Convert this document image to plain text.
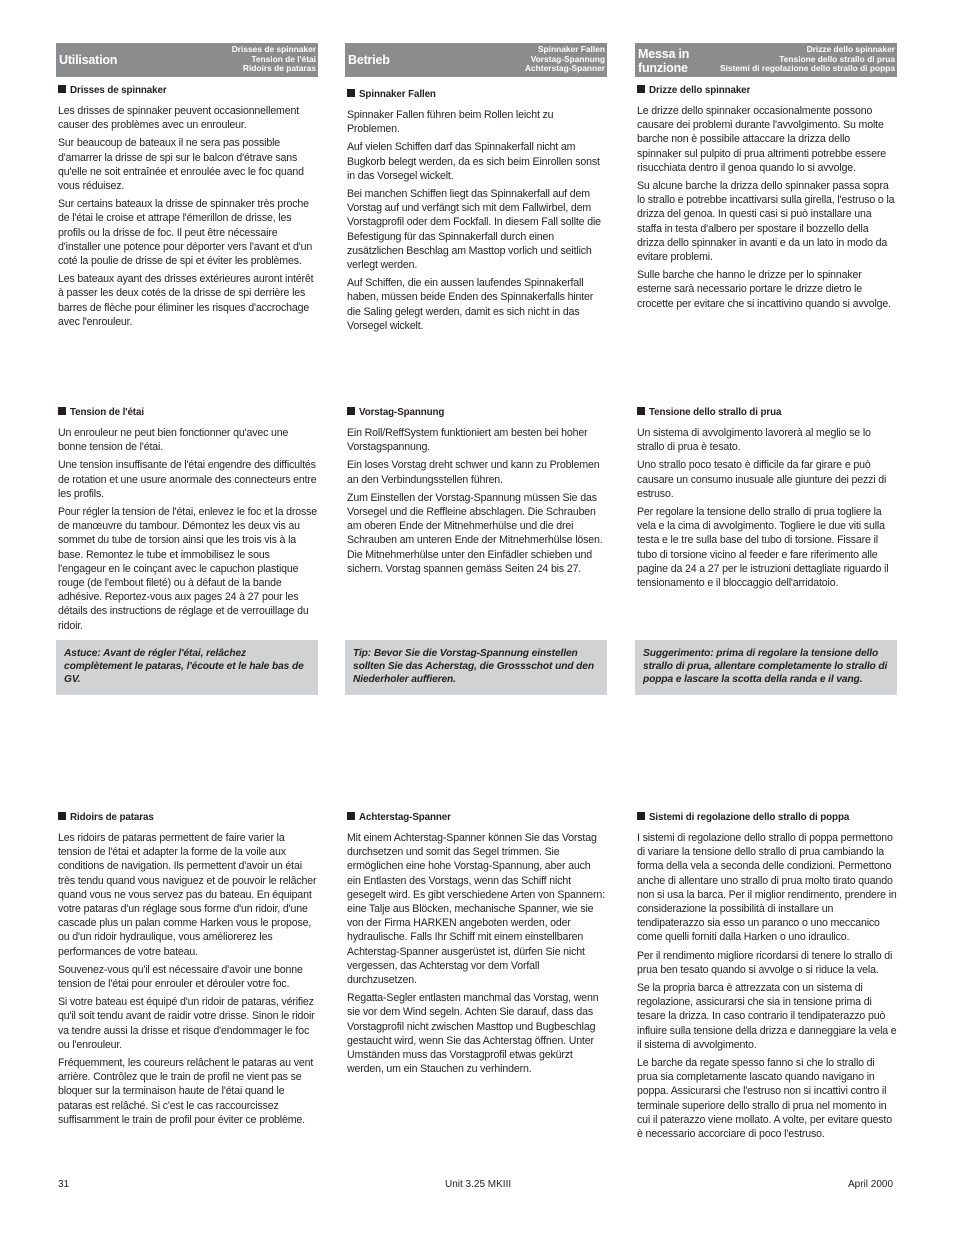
Utilisation
Drisses de spinnaker
Tension de l'étai
Ridoirs de pataras
Drisses de spinnaker

Les drisses de spinnaker peuvent occasionnellement causer des problèmes avec un enrouleur.

Sur beaucoup de bateaux il ne sera pas possible d'amarrer la drisse de spi sur le balcon d'étrave sans qu'elle ne soit entraînée et enroulée avec le foc quand vous réduisez.

Sur certains bateaux la drisse de spinnaker très proche de l'étai le croise et attrape l'émerillon de drisse, les profils ou la drisse de foc. Il peut être nécessaire d'installer une potence pour déporter vers l'avant et d'un coté la poulie de drisse de spi et éviter les problèmes.

Les bateaux ayant des drisses extérieures auront intérêt à passer les deux cotés de la drisse de spi derrière les barres de flèche pour éliminer les risques d'accrochage avec l'enrouleur.

Tension de l'étai

Un enrouleur ne peut bien fonctionner qu'avec une bonne tension de l'étai.

Une tension insuffisante de l'étai engendre des difficultés de rotation et une usure anormale des connecteurs entre les profils.

Pour régler la tension de l'étai, enlevez le foc et la drosse de manœuvre du tambour. Démontez les deux vis au sommet du tube de torsion ainsi que les trois vis à la base. Remontez le tube et immobilisez le sous l'engageur en le coinçant avec le capuchon plastique rouge (de l'embout fileté) ou à défaut de la bande adhésive. Reportez-vous aux pages 24 à 27 pour les détails des instructions de réglage et de verrouillage du ridoir.

Astuce: Avant de régler l'étai, relâchez complètement le pataras, l'écoute et le hale bas de GV.
Ridoirs de pataras

Les ridoirs de pataras permettent de faire varier la tension de l'étai et adapter la forme de la voile aux conditions de navigation. Ils permettent d'avoir un étai très tendu quand vous naviguez et de pouvoir le relâcher quand vous ne vous servez pas du bateau. En équipant votre pataras d'un réglage sous forme d'un ridoir, d'une cascade plus un palan comme Harken vous le propose, ou d'un ridoir hydraulique, vous améliorerez les performances de votre bateau.

Souvenez-vous qu'il est nécessaire d'avoir une bonne tension de l'étai pour enrouler et dérouler votre foc.

Si votre bateau est équipé d'un ridoir de pataras, vérifiez qu'il soit tendu avant de raidir votre drisse. Sinon le ridoir va tendre aussi la drisse et risque d'endommager le foc ou l'enrouleur.

Fréquemment, les coureurs relâchent le pataras au vent arrière. Contrôlez que le train de profil ne vient pas se bloquer sur la terminaison haute de l'étai quand le pataras est relâché. Si c'est le cas raccourcissez suffisamment le train de profil pour éviter ce problème.

Betrieb
Spinnaker Fallen
Vorstag-Spannung
Achterstag-Spanner
Spinnaker Fallen

Spinnaker Fallen führen beim Rollen leicht zu Problemen.

Auf vielen Schiffen darf das Spinnakerfall nicht am Bugkorb belegt werden, da es sich beim Einrollen sonst in das Vorsegel wickelt.

Bei manchen Schiffen liegt das Spinnakerfall auf dem Vorstag auf und verfängt sich mit dem Fallwirbel, dem Vorstagprofil oder dem Fockfall. In diesem Fall sollte die Befestigung für das Spinnakerfall durch einen zusätzlichen Beschlag am Masttop vorlich und seitlich verlegt werden.

Auf Schiffen, die ein aussen laufendes Spinnakerfall haben, müssen beide Enden des Spinnakerfalls hinter die Saling gelegt werden, damit es sich nicht in das Vorsegel wickelt.

Vorstag-Spannung

Ein Roll/ReffSystem funktioniert am besten bei hoher Vorstagspannung.

Ein loses Vorstag dreht schwer und kann zu Problemen an den Verbindungsstellen führen.

Zum Einstellen der Vorstag-Spannung müssen Sie das Vorsegel und die Reffleine abschlagen. Die Schrauben am oberen Ende der Mitnehmerhülse und die drei Schrauben am unteren Ende der Mitnehmerhülse lösen. Die Mitnehmerhülse unter den Einfädler schieben und sichern. Vorstag spannen gemäss Seiten 24 bis 27.

Tip: Bevor Sie die Vorstag-Spannung einstellen sollten Sie das Acherstag, die Grossschot und den Niederholer auffieren.
Achterstag-Spanner

Mit einem Achterstag-Spanner können Sie das Vorstag durchsetzen und somit das Segel trimmen. Sie ermöglichen eine hohe Vorstag-Spannung, aber auch ein Entlasten des Vorstags, wenn das Schiff nicht gesegelt wird. Es gibt verschiedene Arten von Spannern: eine Talje aus Blöcken, mechanische Spanner, wie sie von der Firma HARKEN angeboten werden, oder hydraulische. Falls Ihr Schiff mit einem einstellbaren Achterstag-Spanner ausgerüstet ist, dürfen Sie nicht vergessen, das Achterstag vor dem Vorfall durchzusetzen.

Regatta-Segler entlasten manchmal das Vorstag, wenn sie vor dem Wind segeln. Achten Sie darauf, dass das Vorstagprofil nicht zwischen Masttop und Bugbeschlag gestaucht wird, wenn Sie das Achterstag öffnen. Unter Umständen muss das Vorstagprofil etwas gekürzt werden, um ein Stauchen zu verhindern.

Messa in funzione
Drizze dello spinnaker
Tensione dello strallo di prua
Sistemi di regolazione dello strallo di poppa
Drizze dello spinnaker

Le drizze dello spinnaker occasionalmente possono causare dei problemi durante l'avvolgimento. Su molte barche non è possibile attaccare la drizza dello spinnaker sul pulpito di prua altrimenti potrebbe essere risucchiata dentro il genoa quando lo si avvolge.

Su alcune barche la drizza dello spinnaker passa sopra lo strallo e potrebbe incattivarsi sulla girella, l'estruso o la drizza del genoa. In questi casi si può installare una staffa in testa d'albero per spostare il bozzello della drizza dello spinnaker in avanti e da un lato in modo da evitare problemi.

Sulle barche che hanno le drizze per lo spinnaker esterne sarà necessario portare le drizze dietro le crocette per evitare che si incattivino quando si avvolge.

Tensione dello strallo di prua

Un sistema di avvolgimento lavorerà al meglio se lo strallo di prua è tesato.

Uno strallo poco tesato è difficile da far girare e può causare un consumo inusuale alle giunture dei pezzi di estruso.

Per regolare la tensione dello strallo di prua togliere la vela e la cima di avvolgimento. Togliere le due viti sulla testa e le tre sulla base del tubo di torsione. Fissare il tubo di torsione vicino al feeder e fare riferimento alle pagine da 24 a 27 per le istruzioni dettagliate riguardo il tensionamento e il bloccaggio dell'arridatoio.

Suggerimento: prima di regolare la tensione dello strallo di prua, allentare completamente lo strallo di poppa e lascare la scotta della randa e il vang.
Sistemi di regolazione dello strallo di poppa

I sistemi di regolazione dello strallo di poppa permettono di variare la tensione dello strallo di prua cambiando la forma della vela a seconda delle condizioni. Permettono anche di allentare uno strallo di prua molto tirato quando non si usa la barca. Per il miglior rendimento, prendere in considerazione la possibilità di installare un tendipaterazzo sia esso un paranco o uno meccanico come quelli forniti dalla Harken o uno idraulico.

Per il rendimento migliore ricordarsi di tenere lo strallo di prua ben tesato quando si avvolge o si riduce la vela.

Se la propria barca è attrezzata con un sistema di regolazione, assicurarsi che sia in tensione prima di tesare la drizza. In caso contrario il tendipaterazzo può influire sulla tensione della drizza e danneggiare la vela e il sistema di avvolgimento.

Le barche da regate spesso fanno sì che lo strallo di prua sia completamente lascato quando navigano in poppa. Assicurarsi che l'estruso non si incattivi contro il terminale superiore dello strallo di prua nel momento in cui il paterazzo viene mollato. A volte, per evitare questo è necessario accorciare di poco l'estruso.

31	Unit 3.25 MKIII	April 2000
